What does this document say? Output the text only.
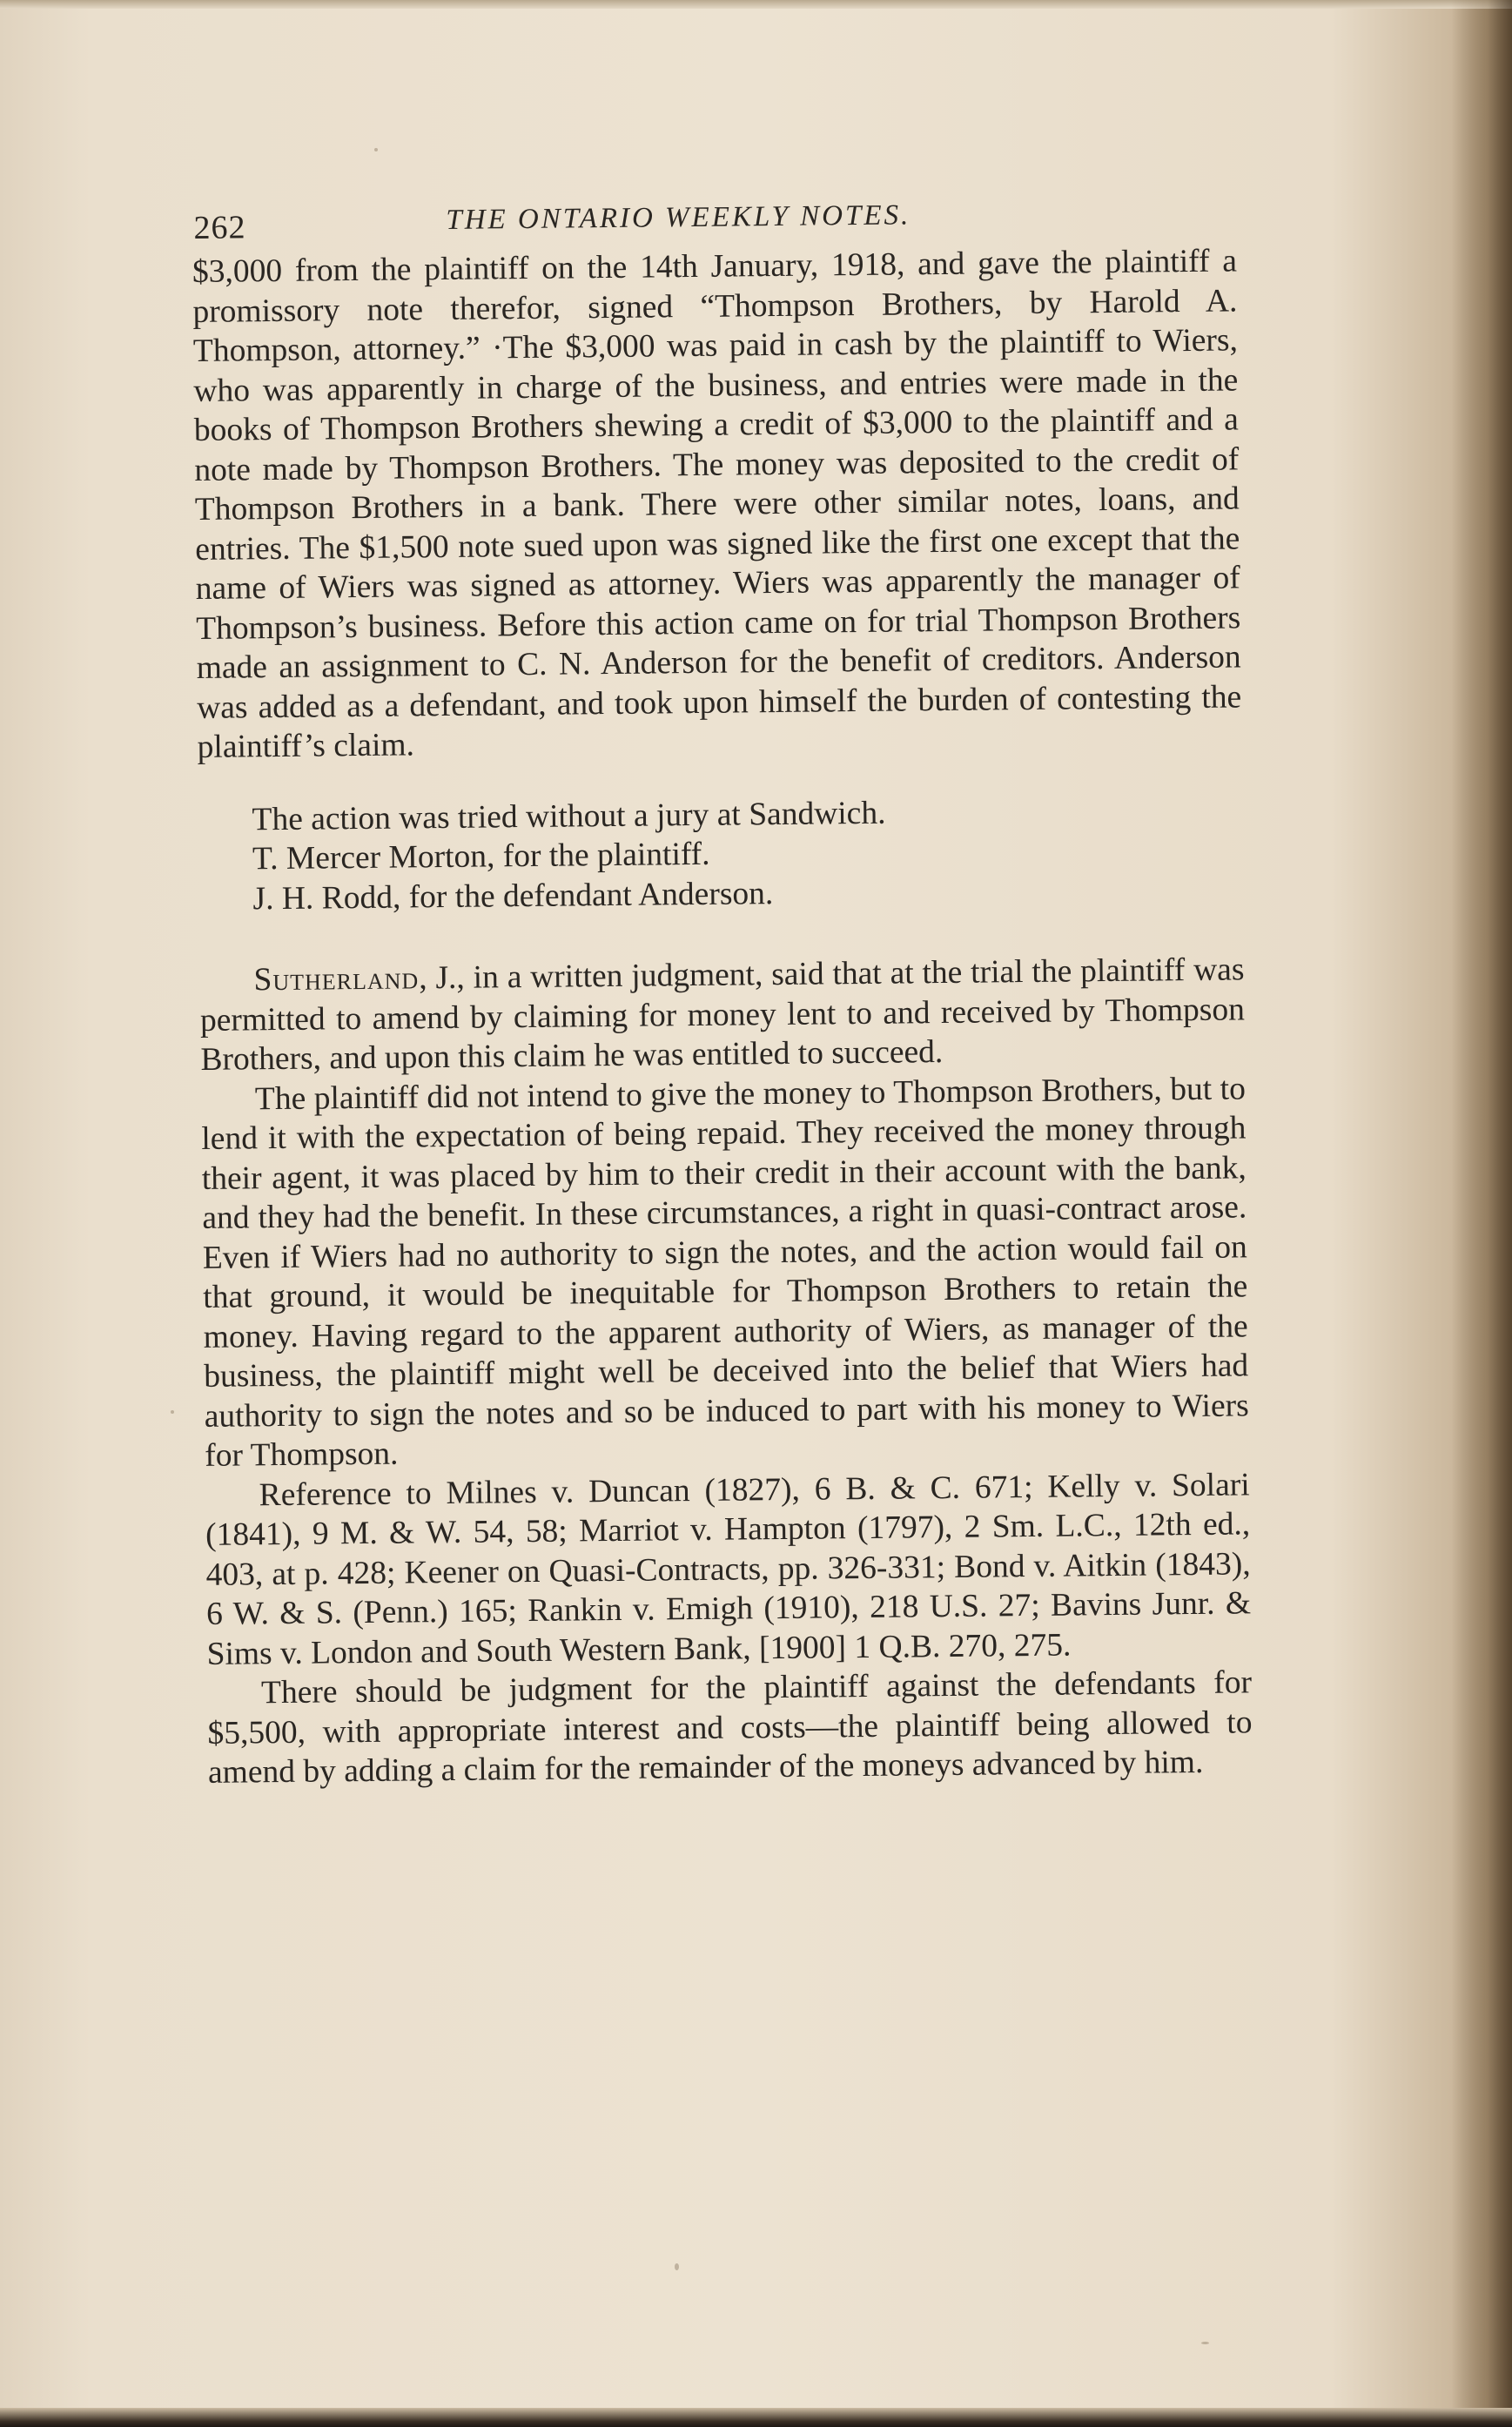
262	THE ONTARIO WEEKLY NOTES.

$3,000 from the plaintiff on the 14th January, 1918, and gave the plaintiff a promissory note therefor, signed “Thompson Brothers, by Harold A. Thompson, attorney.” ·The $3,000 was paid in cash by the plaintiff to Wiers, who was apparently in charge of the business, and entries were made in the books of Thompson Brothers shewing a credit of $3,000 to the plaintiff and a note made by Thompson Brothers. The money was deposited to the credit of Thompson Brothers in a bank. There were other similar notes, loans, and entries. The $1,500 note sued upon was signed like the first one except that the name of Wiers was signed as attorney. Wiers was apparently the manager of Thompson’s business. Before this action came on for trial Thompson Brothers made an assignment to C. N. Anderson for the benefit of creditors. Anderson was added as a defendant, and took upon himself the burden of contesting the plaintiff’s claim.

The action was tried without a jury at Sandwich.

T. Mercer Morton, for the plaintiff.

J. H. Rodd, for the defendant Anderson.

Sutherland, J., in a written judgment, said that at the trial the plaintiff was permitted to amend by claiming for money lent to and received by Thompson Brothers, and upon this claim he was entitled to succeed.

The plaintiff did not intend to give the money to Thompson Brothers, but to lend it with the expectation of being repaid. They received the money through their agent, it was placed by him to their credit in their account with the bank, and they had the benefit. In these circumstances, a right in quasi-contract arose. Even if Wiers had no authority to sign the notes, and the action would fail on that ground, it would be inequitable for Thompson Brothers to retain the money. Having regard to the apparent authority of Wiers, as manager of the business, the plaintiff might well be deceived into the belief that Wiers had authority to sign the notes and so be induced to part with his money to Wiers for Thompson.

Reference to Milnes v. Duncan (1827), 6 B. & C. 671; Kelly v. Solari (1841), 9 M. & W. 54, 58; Marriot v. Hampton (1797), 2 Sm. L.C., 12th ed., 403, at p. 428; Keener on Quasi-Contracts, pp. 326-331; Bond v. Aitkin (1843), 6 W. & S. (Penn.) 165; Rankin v. Emigh (1910), 218 U.S. 27; Bavins Junr. & Sims v. London and South Western Bank, [1900] 1 Q.B. 270, 275.

There should be judgment for the plaintiff against the defendants for $5,500, with appropriate interest and costs—the plaintiff being allowed to amend by adding a claim for the remainder of the moneys advanced by him.
